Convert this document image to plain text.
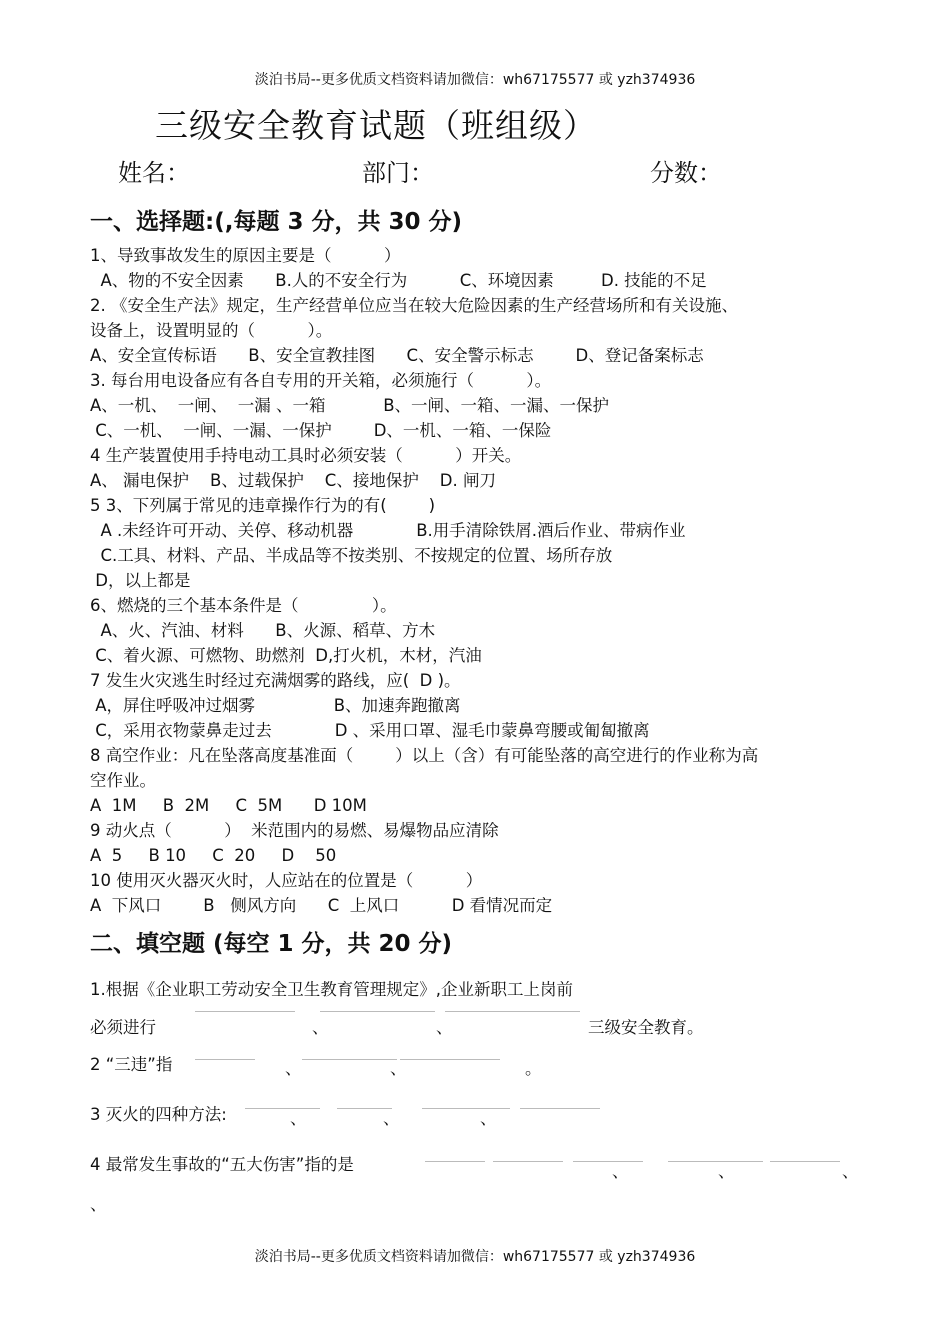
淡泊书局--更多优质文档资料请加微信：wh67175577 或 yzh374936
三级安全教育试题（班组级）
姓名：	部门：	分数：
一、选择题:(,每题 3 分，共 30 分)
1、导致事故发生的原因主要是（          ）
A、物的不安全因素      B.人的不安全行为          C、环境因素         D. 技能的不足
2. 《安全生产法》规定，生产经营单位应当在较大危险因素的生产经营场所和有关设施、
设备上，设置明显的（          ）。
A、安全宣传标语      B、安全宣教挂图      C、安全警示标志        D、登记备案标志
3. 每台用电设备应有各自专用的开关箱，必须施行（          ）。
A、一机、  一闸、  一漏 、一箱           B、一闸、一箱、一漏、一保护
C、一机、  一闸、一漏、一保护        D、一机、一箱、一保险
4 生产装置使用手持电动工具时必须安装（          ）开关。
A、 漏电保护    B、过载保护    C、接地保护    D. 闸刀
5 3、下列属于常见的违章操作行为的有(        )
A .未经许可开动、关停、移动机器            B.用手清除铁屑.酒后作业、带病作业
C.工具、材料、产品、半成品等不按类别、不按规定的位置、场所存放
D，以上都是
6、燃烧的三个基本条件是（              ）。
A、火、汽油、材料      B、火源、稻草、方木
C、着火源、可燃物、助燃剂  D,打火机，木材，汽油
7 发生火灾逃生时经过充满烟雾的路线，应(  D )。
A，屏住呼吸冲过烟雾               B、加速奔跑撤离
C，采用衣物蒙鼻走过去            D 、采用口罩、湿毛巾蒙鼻弯腰或匍匐撤离
8 高空作业：凡在坠落高度基准面（        ）以上（含）有可能坠落的高空进行的作业称为高
空作业。
A  1M     B  2M     C  5M      D 10M
9 动火点（          ）  米范围内的易燃、易爆物品应清除
A  5     B 10     C  20     D    50
10 使用灭火器灭火时，人应站在的位置是（          ）
A  下风口        B   侧风方向      C  上风口          D 看情况而定
二、填空题 (每空 1 分，共 20 分)
1.根据《企业职工劳动安全卫生教育管理规定》,企业新职工上岗前
必须进行	、	、	三级安全教育。
2 “三违”指	、	、	。
3 灭火的四种方法:	、	、	、
4 最常发生事故的“五大伤害”指的是	、	、	、
、
淡泊书局--更多优质文档资料请加微信：wh67175577 或 yzh374936
